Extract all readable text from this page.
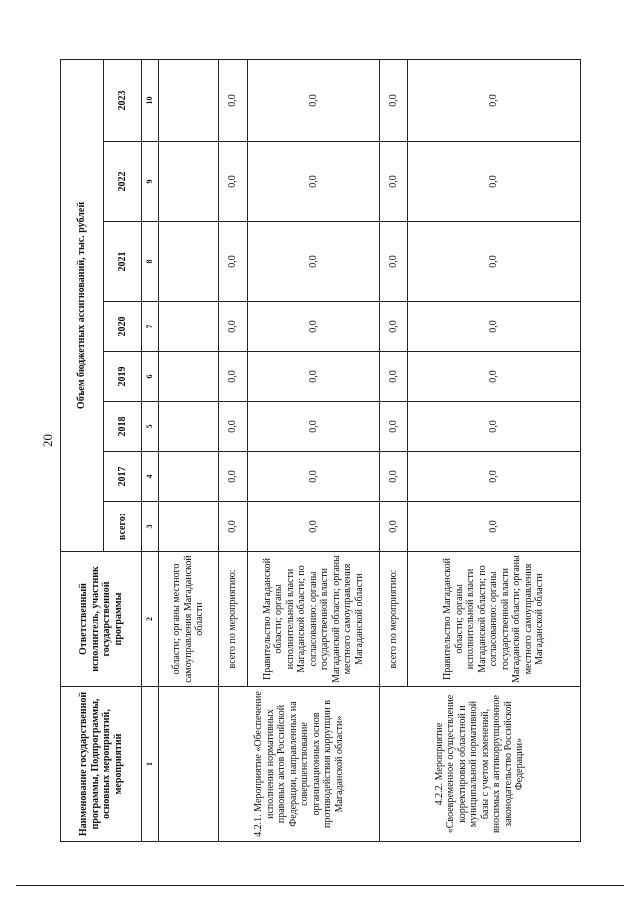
20
Наименование государственной программы, Подпрограммы, основных мероприятий, мероприятий	Ответственный исполнитель, участник государственной программы	Объем бюджетных ассигнований, тыс. рублей							
		всего:	2017	2018	2019	2020	2021	2022	2023
1	2	3	4	5	6	7	8	9	10
	области; органы местного самоуправления Магаданской области								
4.2.1. Мероприятие «Обеспечение исполнения нормативных правовых актов Российской Федерации, направленных на совершенствование организационных основ противодействия коррупции в Магаданской области»	всего по мероприятию:	0,0	0,0	0,0	0,0	0,0	0,0	0,0	0,0
	Правительство Магаданской области; органы исполнительной власти Магаданской области; по согласованию: органы государственной власти Магаданской области; органы местного самоуправления Магаданской области	0,0	0,0	0,0	0,0	0,0	0,0	0,0	0,0
4.2.2. Мероприятие «Своевременное осуществление корректировки областной и муниципальной нормативной базы с учетом изменений, вносимых в антикоррупционное законодательство Российской Федерации»	всего по мероприятию:	0,0	0,0	0,0	0,0	0,0	0,0	0,0	0,0
	Правительство Магаданской области; органы исполнительной власти Магаданской области; по согласованию: органы государственной власти Магаданской области; органы местного самоуправления Магаданской области	0,0	0,0	0,0	0,0	0,0	0,0	0,0	0,0
